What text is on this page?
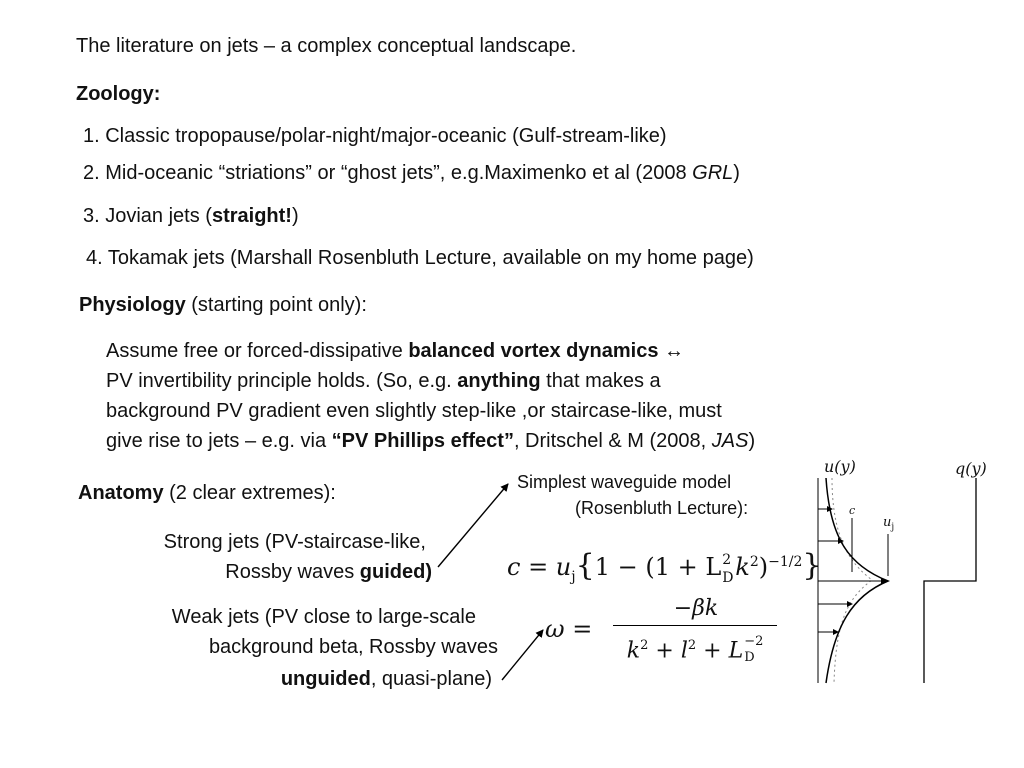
The literature on jets – a complex conceptual landscape.
Zoology:
1. Classic tropopause/polar-night/major-oceanic (Gulf-stream-like)
2. Mid-oceanic “striations” or “ghost jets”, e.g.Maximenko et al (2008 GRL)
3. Jovian jets (straight!)
4. Tokamak jets (Marshall Rosenbluth Lecture, available on my home page)
Physiology (starting point only):
Assume free or forced-dissipative balanced vortex dynamics ↔
PV invertibility principle holds. (So, e.g. anything that makes a
background PV gradient even slightly step-like ,or staircase-like, must
give rise to jets – e.g. via “PV Phillips effect”, Dritschel & M (2008, JAS)
Anatomy (2 clear extremes):
Strong jets (PV-staircase-like,
Rossby waves guided)
Weak jets (PV close to large-scale
background beta, Rossby waves
unguided, quasi-plane)
Simplest waveguide model
(Rosenbluth Lecture):
$c = u_j\{1 - (1 + L$ 2
D $k^2)^{-1/2}$}
ω =
−βk
$k^2 + l^2 + L -2$
D
u(y)	q(y)
c
$u_j$
